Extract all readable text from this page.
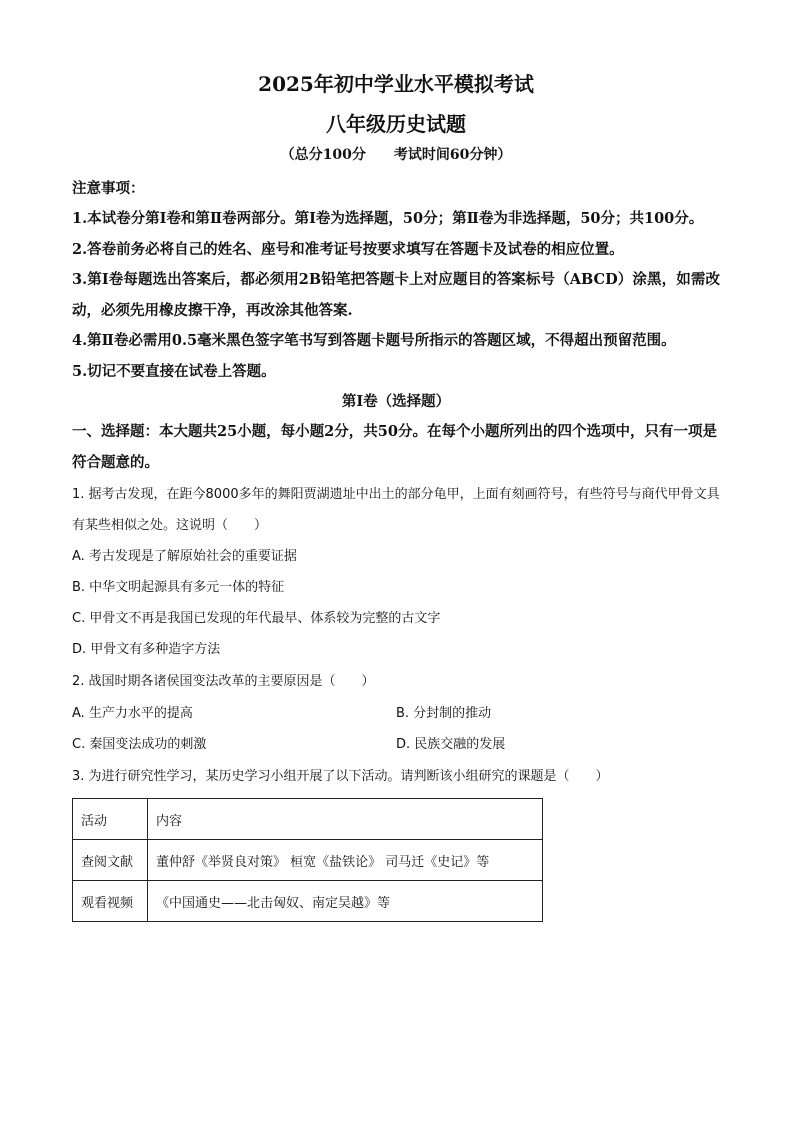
2025年初中学业水平模拟考试
八年级历史试题
（总分100分　　考试时间60分钟）
注意事项：
1.本试卷分第Ⅰ卷和第Ⅱ卷两部分。第Ⅰ卷为选择题，50分；第Ⅱ卷为非选择题，50分；共100分。
2.答卷前务必将自己的姓名、座号和准考证号按要求填写在答题卡及试卷的相应位置。
3.第Ⅰ卷每题选出答案后，都必须用2B铅笔把答题卡上对应题目的答案标号（ABCD）涂黑，如需改动，必须先用橡皮擦干净，再改涂其他答案.
4.第Ⅱ卷必需用0.5毫米黑色签字笔书写到答题卡题号所指示的答题区域，不得超出预留范围。
5.切记不要直接在试卷上答题。
第Ⅰ卷（选择题）
一、选择题：本大题共25小题，每小题2分，共50分。在每个小题所列出的四个选项中，只有一项是符合题意的。
1. 据考古发现，在距今8000多年的舞阳贾湖遗址中出土的部分龟甲，上面有刻画符号，有些符号与商代甲骨文具有某些相似之处。这说明（　　）
A. 考古发现是了解原始社会的重要证据
B. 中华文明起源具有多元一体的特征
C. 甲骨文不再是我国已发现的年代最早、体系较为完整的古文字
D. 甲骨文有多种造字方法
2. 战国时期各诸侯国变法改革的主要原因是（　　）
A. 生产力水平的提高	B. 分封制的推动
C. 秦国变法成功的刺激	D. 民族交融的发展
3. 为进行研究性学习，某历史学习小组开展了以下活动。请判断该小组研究的课题是（　　）
活动	内容
查阅文献	董仲舒《举贤良对策》 桓宽《盐铁论》 司马迁《史记》等
观看视频	《中国通史——北击匈奴、南定吴越》等
